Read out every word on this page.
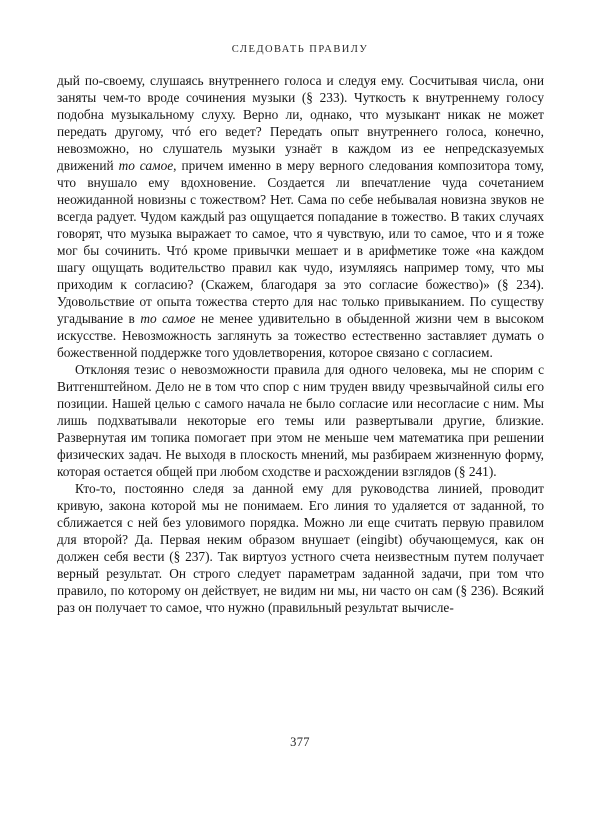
СЛЕДОВАТЬ ПРАВИЛУ

дый по-своему, слушаясь внутреннего голоса и следуя ему. Сосчитывая числа, они заняты чем-то вроде сочинения музыки (§ 233). Чуткость к внутреннему голосу подобна музыкальному слуху. Верно ли, однако, что музыкант никак не может передать другому, чтó его ведет? Передать опыт внутреннего голоса, конечно, невозможно, но слушатель музыки узнаёт в каждом из ее непредсказуемых движений то самое, причем именно в меру верного следования композитора тому, что внушало ему вдохновение. Создается ли впечатление чуда сочетанием неожиданной новизны с тожеством? Нет. Сама по себе небывалая новизна звуков не всегда радует. Чудом каждый раз ощущается попадание в тожество. В таких случаях говорят, что музыка выражает то самое, что я чувствую, или то самое, что и я тоже мог бы сочинить. Чтó кроме привычки мешает и в арифметике тоже «на каждом шагу ощущать водительство правил как чудо, изумляясь например тому, что мы приходим к согласию? (Скажем, благодаря за это согласие божество)» (§ 234). Удовольствие от опыта тожества стерто для нас только привыканием. По существу угадывание в то самое не менее удивительно в обыденной жизни чем в высоком искусстве. Невозможность заглянуть за тожество естественно заставляет думать о божественной поддержке того удовлетворения, которое связано с согласием.

Отклоняя тезис о невозможности правила для одного человека, мы не спорим с Витгенштейном. Дело не в том что спор с ним труден ввиду чрезвычайной силы его позиции. Нашей целью с самого начала не было согласие или несогласие с ним. Мы лишь подхватывали некоторые его темы или развертывали другие, близкие. Развернутая им топика помогает при этом не меньше чем математика при решении физических задач. Не выходя в плоскость мнений, мы разбираем жизненную форму, которая остается общей при любом сходстве и расхождении взглядов (§ 241).

Кто-то, постоянно следя за данной ему для руководства линией, проводит кривую, закона которой мы не понимаем. Его линия то удаляется от заданной, то сближается с ней без уловимого порядка. Можно ли еще считать первую правилом для второй? Да. Первая неким образом внушает (eingibt) обучающемуся, как он должен себя вести (§ 237). Так виртуоз устного счета неизвестным путем получает верный результат. Он строго следует параметрам заданной задачи, при том что правило, по которому он действует, не видим ни мы, ни часто он сам (§ 236). Всякий раз он получает то самое, что нужно (правильный результат вычисле-

377
